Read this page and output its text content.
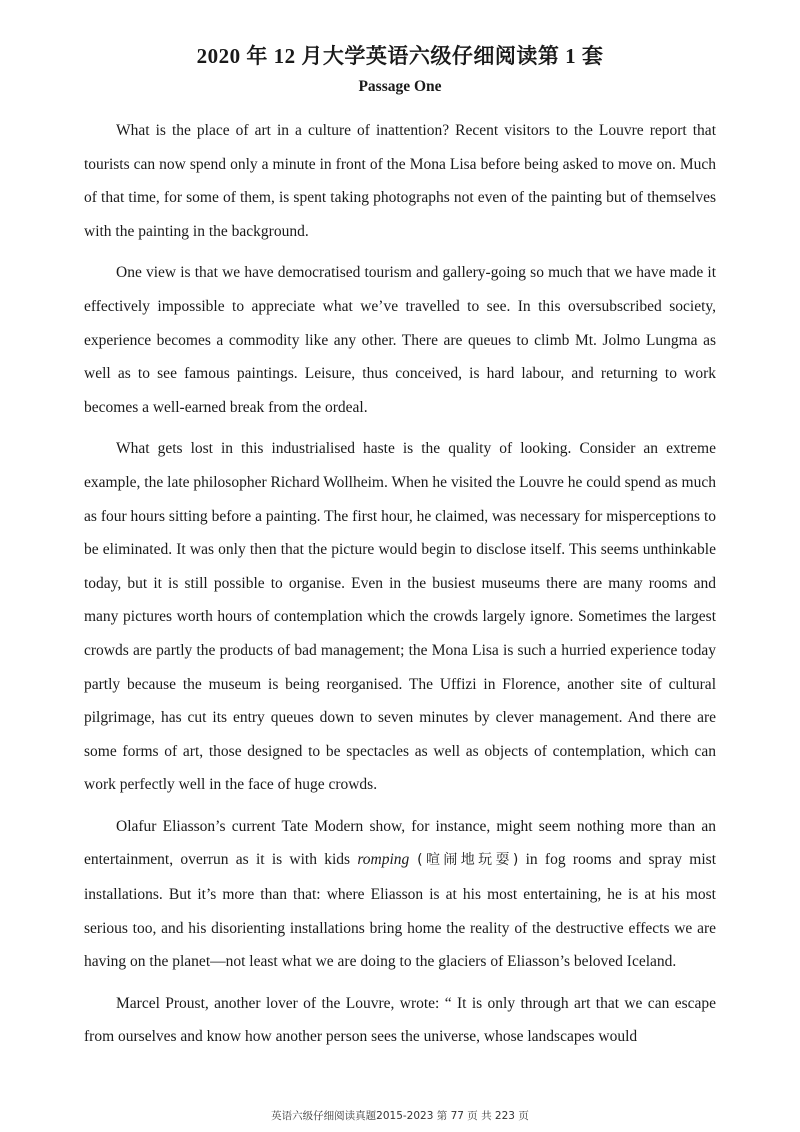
2020 年 12 月大学英语六级仔细阅读第 1 套
Passage One

What is the place of art in a culture of inattention? Recent visitors to the Louvre report that tourists can now spend only a minute in front of the Mona Lisa before being asked to move on. Much of that time, for some of them, is spent taking photographs not even of the painting but of themselves with the painting in the background.

One view is that we have democratised tourism and gallery-going so much that we have made it effectively impossible to appreciate what we’ve travelled to see. In this oversubscribed society, experience becomes a commodity like any other. There are queues to climb Mt. Jolmo Lungma as well as to see famous paintings. Leisure, thus conceived, is hard labour, and returning to work becomes a well-earned break from the ordeal.

What gets lost in this industrialised haste is the quality of looking. Consider an extreme example, the late philosopher Richard Wollheim. When he visited the Louvre he could spend as much as four hours sitting before a painting. The first hour, he claimed, was necessary for misperceptions to be eliminated. It was only then that the picture would begin to disclose itself. This seems unthinkable today, but it is still possible to organise. Even in the busiest museums there are many rooms and many pictures worth hours of contemplation which the crowds largely ignore. Sometimes the largest crowds are partly the products of bad management; the Mona Lisa is such a hurried experience today partly because the museum is being reorganised. The Uffizi in Florence, another site of cultural pilgrimage, has cut its entry queues down to seven minutes by clever management. And there are some forms of art, those designed to be spectacles as well as objects of contemplation, which can work perfectly well in the face of huge crowds.

Olafur Eliasson’s current Tate Modern show, for instance, might seem nothing more than an entertainment, overrun as it is with kids romping (喧闹地玩耍) in fog rooms and spray mist installations. But it’s more than that: where Eliasson is at his most entertaining, he is at his most serious too, and his disorienting installations bring home the reality of the destructive effects we are having on the planet—not least what we are doing to the glaciers of Eliasson’s beloved Iceland.

Marcel Proust, another lover of the Louvre, wrote: “ It is only through art that we can escape from ourselves and know how another person sees the universe, whose landscapes would

英语六级仔细阅读真题2015-2023 第 77 页 共 223 页
